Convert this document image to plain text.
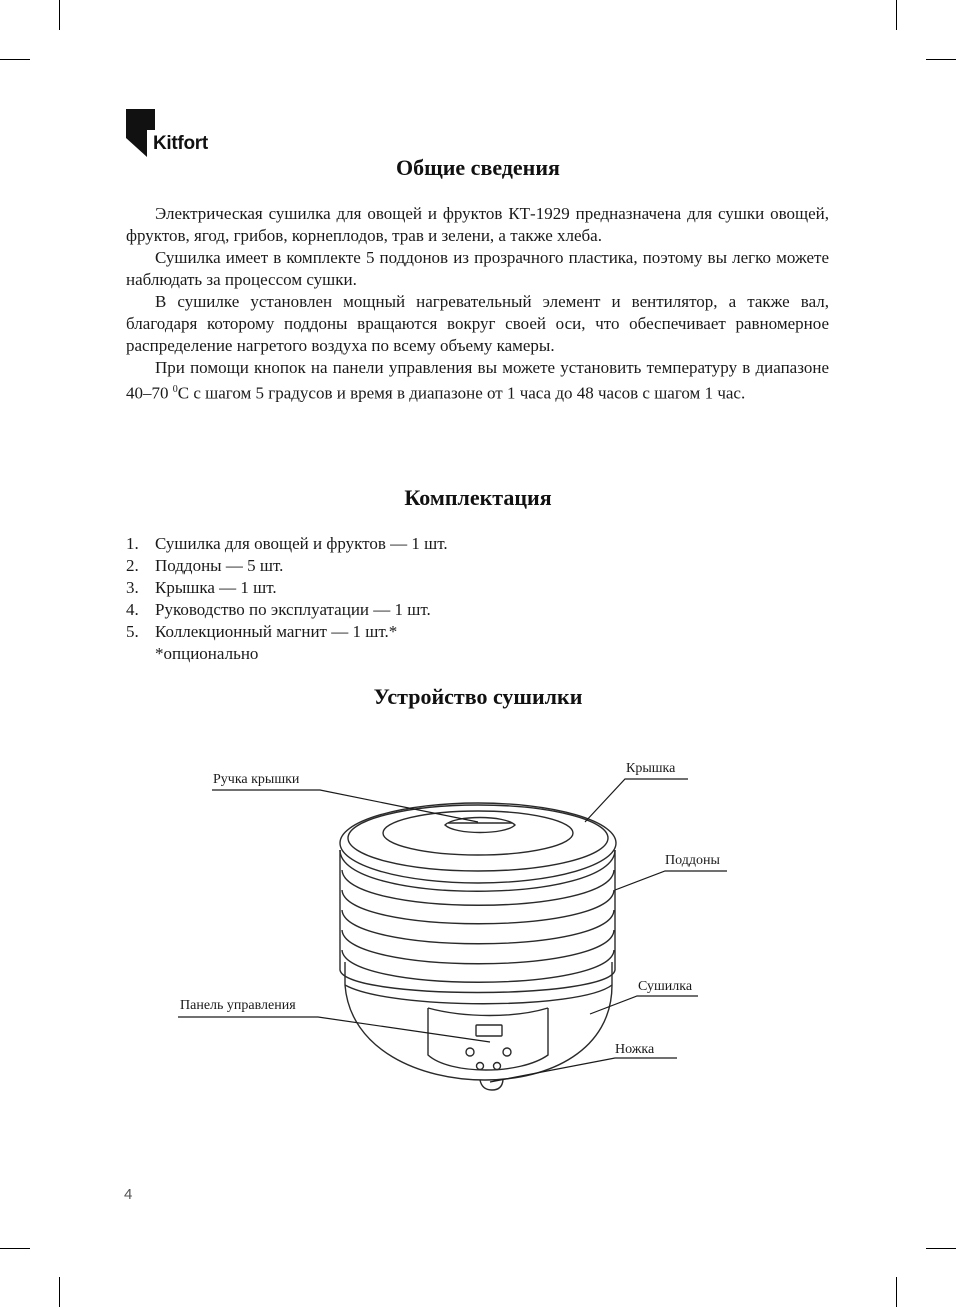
Kitfort
Общие сведения

Электрическая сушилка для овощей и фруктов КТ-1929 предназначена для сушки овощей, фруктов, ягод, грибов, корнеплодов, трав и зелени, а также хлеба.

Сушилка имеет в комплекте 5 поддонов из прозрачного пластика, поэтому вы легко можете наблюдать за процессом сушки.

В сушилке установлен мощный нагревательный элемент и вентилятор, а также вал, благодаря которому поддоны вращаются вокруг своей оси, что обеспечивает равномерное распределение нагретого воздуха по всему объему камеры.

При помощи кнопок на панели управления вы можете установить температуру в диапазоне 40–70 $^0$С с шагом 5 градусов и время в диапазоне от 1 часа до 48 часов с шагом 1 час.

Комплектация
1. Сушилка для овощей и фруктов — 1 шт.
2. Поддоны — 5 шт.
3. Крышка — 1 шт.
4. Руководство по эксплуатации — 1 шт.
5. Коллекционный магнит — 1 шт.*
*опционально
Устройство сушилки
Ручка крышки
Крышка
Поддоны
Сушилка
Панель управления
Ножка
4
